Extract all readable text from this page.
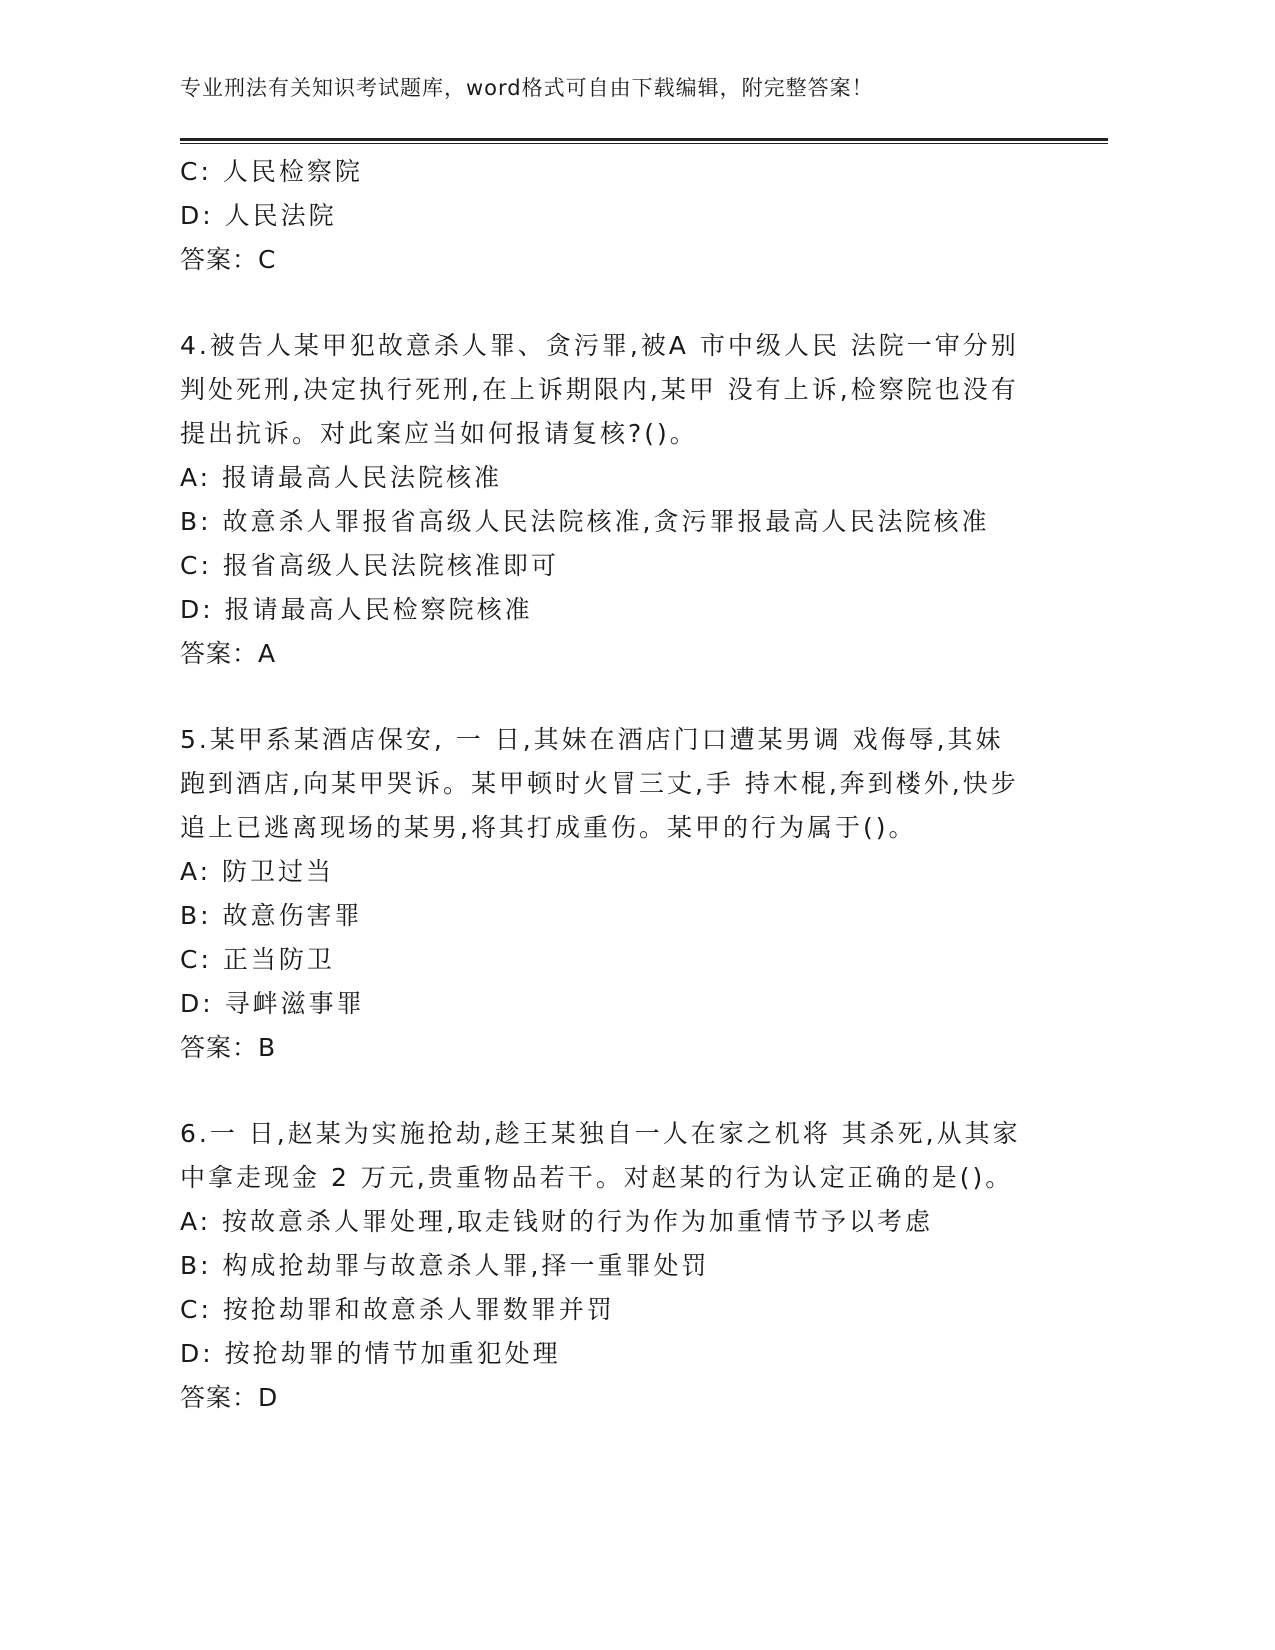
专业刑法有关知识考试题库，word格式可自由下载编辑，附完整答案！
C: 人民检察院
D: 人民法院
答案：C
4.被告人某甲犯故意杀人罪、贪污罪,被A 市中级人民 法院一审分别
判处死刑,决定执行死刑,在上诉期限内,某甲 没有上诉,检察院也没有
提出抗诉。对此案应当如何报请复核?()。
A: 报请最高人民法院核准
B: 故意杀人罪报省高级人民法院核准,贪污罪报最高人民法院核准
C: 报省高级人民法院核准即可
D: 报请最高人民检察院核准
答案：A
5.某甲系某酒店保安, 一 日,其妹在酒店门口遭某男调 戏侮辱,其妹
跑到酒店,向某甲哭诉。某甲顿时火冒三丈,手 持木棍,奔到楼外,快步
追上已逃离现场的某男,将其打成重伤。某甲的行为属于()。
A: 防卫过当
B: 故意伤害罪
C: 正当防卫
D: 寻衅滋事罪
答案：B
6.一 日,赵某为实施抢劫,趁王某独自一人在家之机将 其杀死,从其家
中拿走现金 2 万元,贵重物品若干。对赵某的行为认定正确的是()。
A: 按故意杀人罪处理,取走钱财的行为作为加重情节予以考虑
B: 构成抢劫罪与故意杀人罪,择一重罪处罚
C: 按抢劫罪和故意杀人罪数罪并罚
D: 按抢劫罪的情节加重犯处理
答案：D
